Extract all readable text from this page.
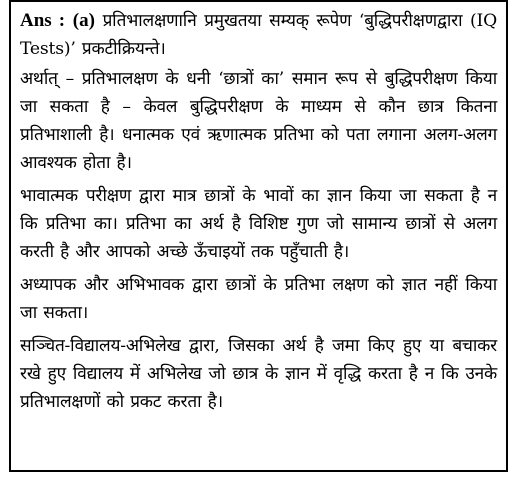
Ans : (a) प्रतिभालक्षणानि प्रमुखतया सम्यक् रूपेण ‘बुद्धिपरीक्षणद्वारा (IQ Tests)’ प्रकटीक्रियन्ते।

अर्थात् – प्रतिभालक्षण के धनी ‘छात्रों का’ समान रूप से बुद्धिपरीक्षण किया जा सकता है – केवल बुद्धिपरीक्षण के माध्यम से कौन छात्र कितना प्रतिभाशाली है। धनात्मक एवं ऋणात्मक प्रतिभा को पता लगाना अलग-अलग आवश्यक होता है।

भावात्मक परीक्षण द्वारा मात्र छात्रों के भावों का ज्ञान किया जा सकता है न कि प्रतिभा का। प्रतिभा का अर्थ है विशिष्ट गुण जो सामान्य छात्रों से अलग करती है और आपको अच्छे ऊँचाइयों तक पहुँचाती है।

अध्यापक और अभिभावक द्वारा छात्रों के प्रतिभा लक्षण को ज्ञात नहीं किया जा सकता।

सञ्चित-विद्यालय-अभिलेख द्वारा, जिसका अर्थ है जमा किए हुए या बचाकर रखे हुए विद्यालय में अभिलेख जो छात्र के ज्ञान में वृद्धि करता है न कि उनके प्रतिभालक्षणों को प्रकट करता है।
